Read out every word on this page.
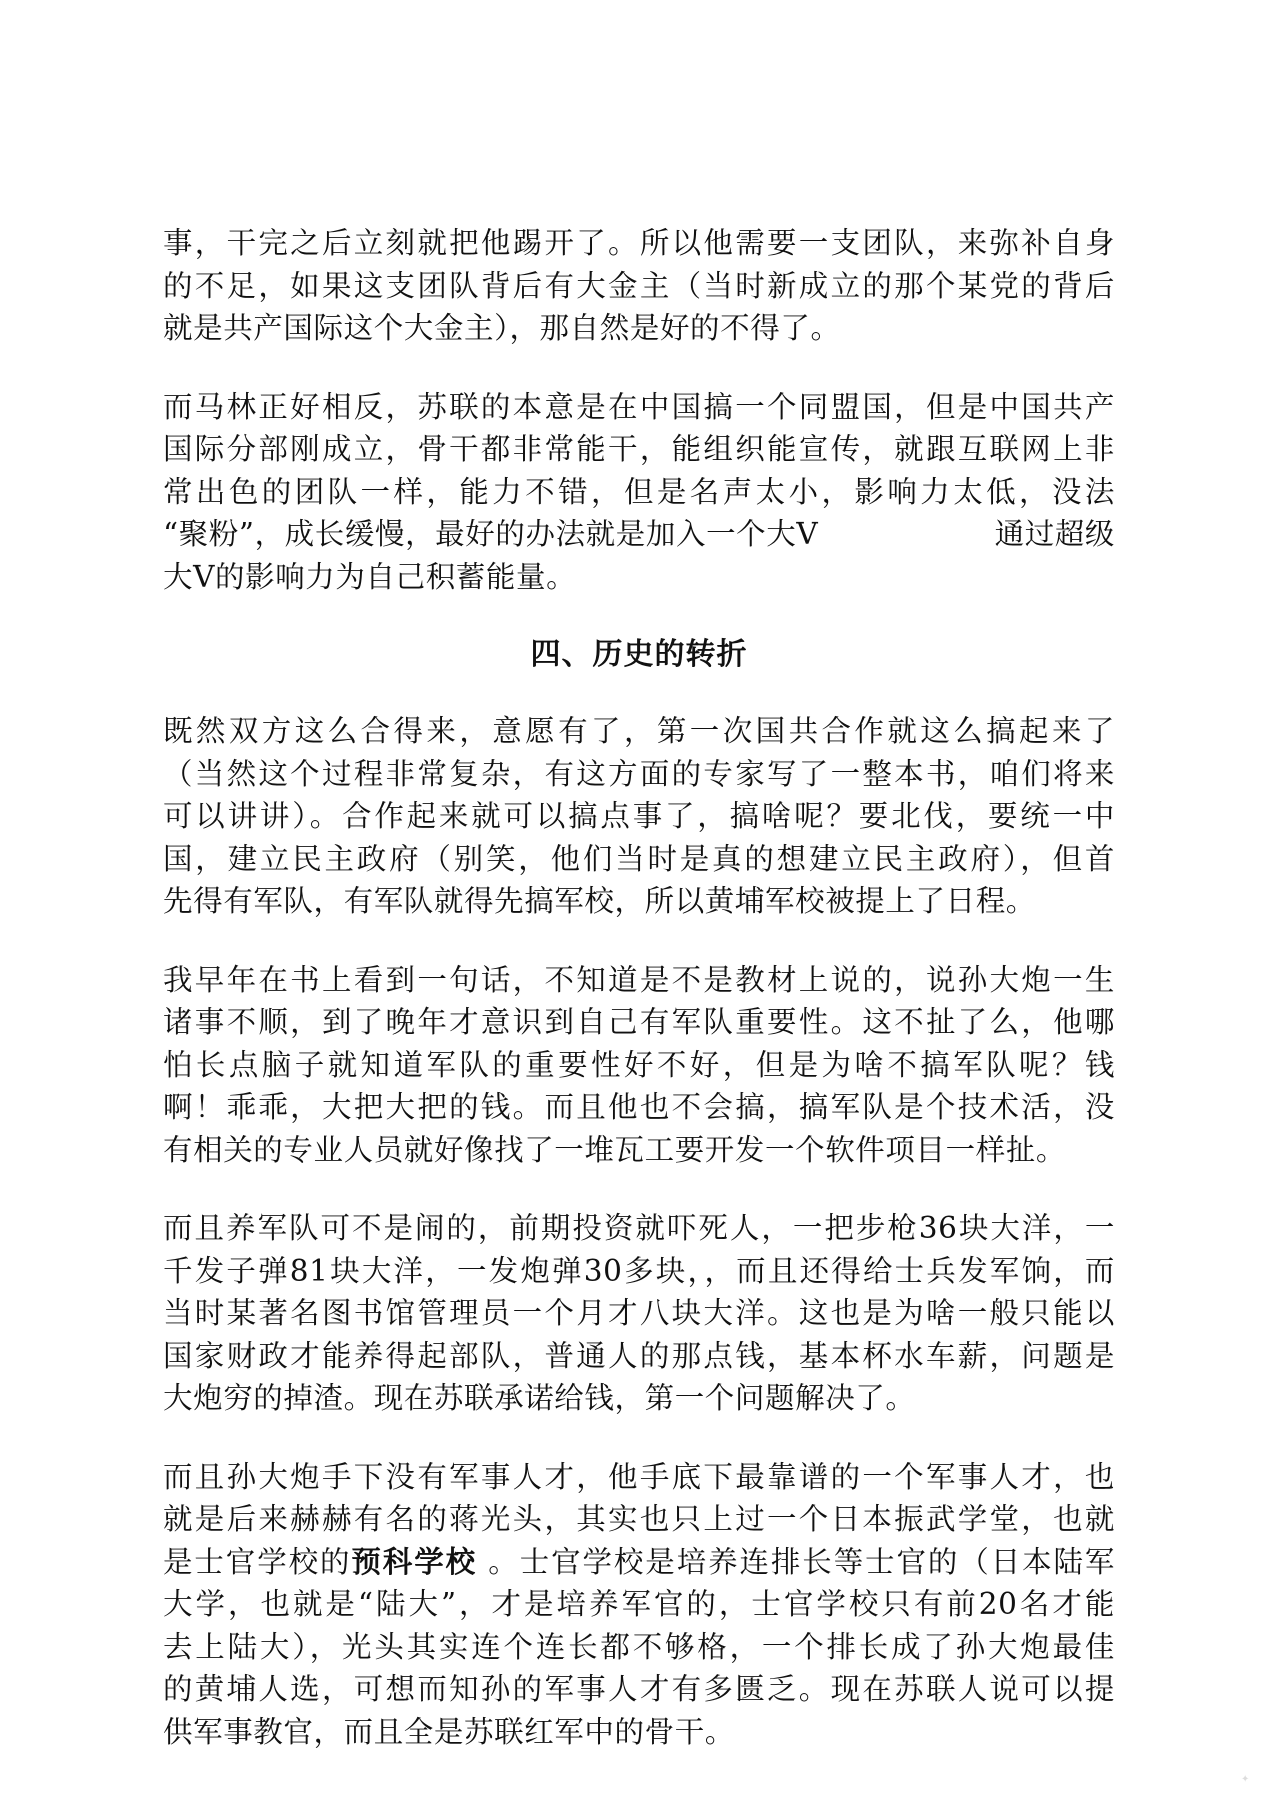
事，干完之后立刻就把他踢开了。所以他需要一支团队，来弥补自身
的不足，如果这支团队背后有大金主（当时新成立的那个某党的背后
就是共产国际这个大金主），那自然是好的不得了。

而马林正好相反，苏联的本意是在中国搞一个同盟国，但是中国共产
国际分部刚成立，骨干都非常能干，能组织能宣传，就跟互联网上非
常出色的团队一样，能力不错，但是名声太小，影响力太低，没法
“聚粉”，成长缓慢，最好的办法就是加入一个大V	通过超级
大V的影响力为自己积蓄能量。

四、历史的转折

既然双方这么合得来，意愿有了，第一次国共合作就这么搞起来了
（当然这个过程非常复杂，有这方面的专家写了一整本书，咱们将来
可以讲讲）。合作起来就可以搞点事了，搞啥呢？要北伐，要统一中
国，建立民主政府（别笑，他们当时是真的想建立民主政府），但首
先得有军队，有军队就得先搞军校，所以黄埔军校被提上了日程。

我早年在书上看到一句话，不知道是不是教材上说的，说孙大炮一生
诸事不顺，到了晚年才意识到自己有军队重要性。这不扯了么，他哪
怕长点脑子就知道军队的重要性好不好，但是为啥不搞军队呢？钱
啊！乖乖，大把大把的钱。而且他也不会搞，搞军队是个技术活，没
有相关的专业人员就好像找了一堆瓦工要开发一个软件项目一样扯。

而且养军队可不是闹的，前期投资就吓死人，一把步枪36块大洋，一
千发子弹81块大洋，一发炮弹30多块，，而且还得给士兵发军饷，而
当时某著名图书馆管理员一个月才八块大洋。这也是为啥一般只能以
国家财政才能养得起部队，普通人的那点钱，基本杯水车薪，问题是
大炮穷的掉渣。现在苏联承诺给钱，第一个问题解决了。

而且孙大炮手下没有军事人才，他手底下最靠谱的一个军事人才，也
就是后来赫赫有名的蒋光头，其实也只上过一个日本振武学堂，也就
是士官学校的预科学校 。士官学校是培养连排长等士官的（日本陆军
大学，也就是“陆大”，才是培养军官的，士官学校只有前20名才能
去上陆大），光头其实连个连长都不够格，一个排长成了孙大炮最佳
的黄埔人选，可想而知孙的军事人才有多匮乏。现在苏联人说可以提
供军事教官，而且全是苏联红军中的骨干。

✦
